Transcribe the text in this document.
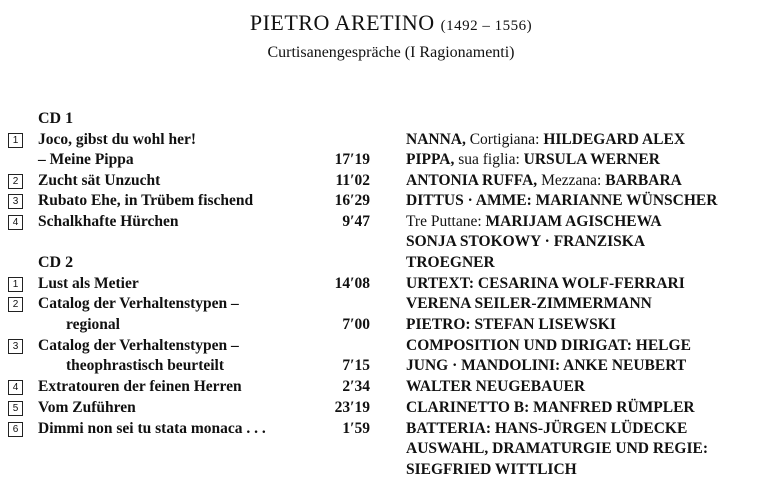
PIETRO ARETINO (1492 – 1556)
Curtisanengespräche (I Ragionamenti)
CD 1
1	Joco, gibst du wohl her!
– Meine Pippa	17′19
2	Zucht sät Unzucht	11′02
3	Rubato Ehe, in Trübem fischend	16′29
4	Schalkhafte Hürchen	9′47
CD 2
1	Lust als Metier	14′08
2	Catalog der Verhaltenstypen –
regional	7′00
3	Catalog der Verhaltenstypen –
theophrastisch beurteilt	7′15
4	Extratouren der feinen Herren	2′34
5	Vom Zuführen	23′19
6	Dimmi non sei tu stata monaca . . .	1′59
NANNA, Cortigiana: HILDEGARD ALEX
PIPPA, sua figlia: URSULA WERNER
ANTONIA RUFFA, Mezzana: BARBARA
DITTUS · AMME: MARIANNE WÜNSCHER
Tre Puttane: MARIJAM AGISCHEWA
SONJA STOKOWY · FRANZISKA
TROEGNER
URTEXT: CESARINA WOLF-FERRARI
VERENA SEILER-ZIMMERMANN
PIETRO: STEFAN LISEWSKI
COMPOSITION UND DIRIGAT: HELGE
JUNG · MANDOLINI: ANKE NEUBERT
WALTER NEUGEBAUER
CLARINETTO B: MANFRED RÜMPLER
BATTERIA: HANS-JÜRGEN LÜDECKE
AUSWAHL, DRAMATURGIE UND REGIE:
SIEGFRIED WITTLICH
